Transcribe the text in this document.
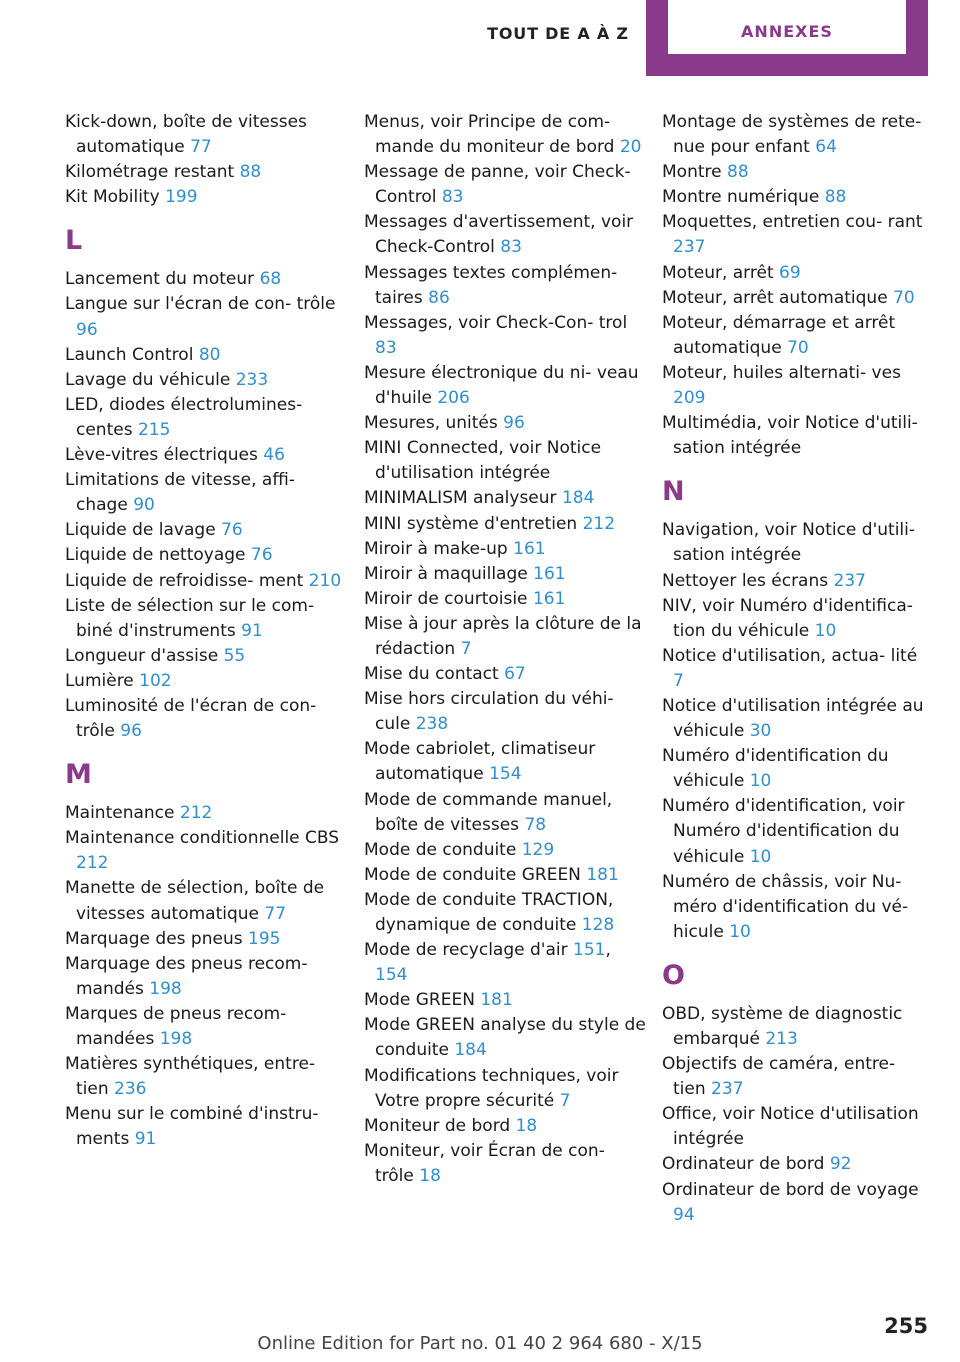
TOUT DE A À Z	ANNEXES

Kick-down, boîte de vitesses automatique 77

Kilométrage restant 88

Kit Mobility 199

L

Lancement du moteur 68

Langue sur l'écran de con- trôle 96

Launch Control 80

Lavage du véhicule 233

LED, diodes électrolumines- centes 215

Lève-vitres électriques 46

Limitations de vitesse, affi- chage 90

Liquide de lavage 76

Liquide de nettoyage 76

Liquide de refroidisse- ment 210

Liste de sélection sur le com- biné d'instruments 91

Longueur d'assise 55

Lumière 102

Luminosité de l'écran de con- trôle 96

M

Maintenance 212

Maintenance conditionnelle CBS 212

Manette de sélection, boîte de vitesses automatique 77

Marquage des pneus 195

Marquage des pneus recom- mandés 198

Marques de pneus recom- mandées 198

Matières synthétiques, entre- tien 236

Menu sur le combiné d'instru- ments 91

Menus, voir Principe de com- mande du moniteur de bord 20

Message de panne, voir Check-Control 83

Messages d'avertissement, voir Check-Control 83

Messages textes complémen- taires 86

Messages, voir Check-Con- trol 83

Mesure électronique du ni- veau d'huile 206

Mesures, unités 96

MINI Connected, voir Notice d'utilisation intégrée

MINIMALISM analyseur 184

MINI système d'entretien 212

Miroir à make-up 161

Miroir à maquillage 161

Miroir de courtoisie 161

Mise à jour après la clôture de la rédaction 7

Mise du contact 67

Mise hors circulation du véhi- cule 238

Mode cabriolet, climatiseur automatique 154

Mode de commande manuel, boîte de vitesses 78

Mode de conduite 129

Mode de conduite GREEN 181

Mode de conduite TRACTION, dynamique de conduite 128

Mode de recyclage d'air 151, 154

Mode GREEN 181

Mode GREEN analyse du style de conduite 184

Modifications techniques, voir Votre propre sécurité 7

Moniteur de bord 18

Moniteur, voir Écran de con- trôle 18

Montage de systèmes de rete- nue pour enfant 64

Montre 88

Montre numérique 88

Moquettes, entretien cou- rant 237

Moteur, arrêt 69

Moteur, arrêt automatique 70

Moteur, démarrage et arrêt automatique 70

Moteur, huiles alternati- ves 209

Multimédia, voir Notice d'utili- sation intégrée

N

Navigation, voir Notice d'utili- sation intégrée

Nettoyer les écrans 237

NIV, voir Numéro d'identifica- tion du véhicule 10

Notice d'utilisation, actua- lité 7

Notice d'utilisation intégrée au véhicule 30

Numéro d'identification du véhicule 10

Numéro d'identification, voir Numéro d'identification du véhicule 10

Numéro de châssis, voir Nu- méro d'identification du vé- hicule 10

O

OBD, système de diagnostic embarqué 213

Objectifs de caméra, entre- tien 237

Office, voir Notice d'utilisation intégrée

Ordinateur de bord 92

Ordinateur de bord de voyage 94

255
Online Edition for Part no. 01 40 2 964 680 - X/15
